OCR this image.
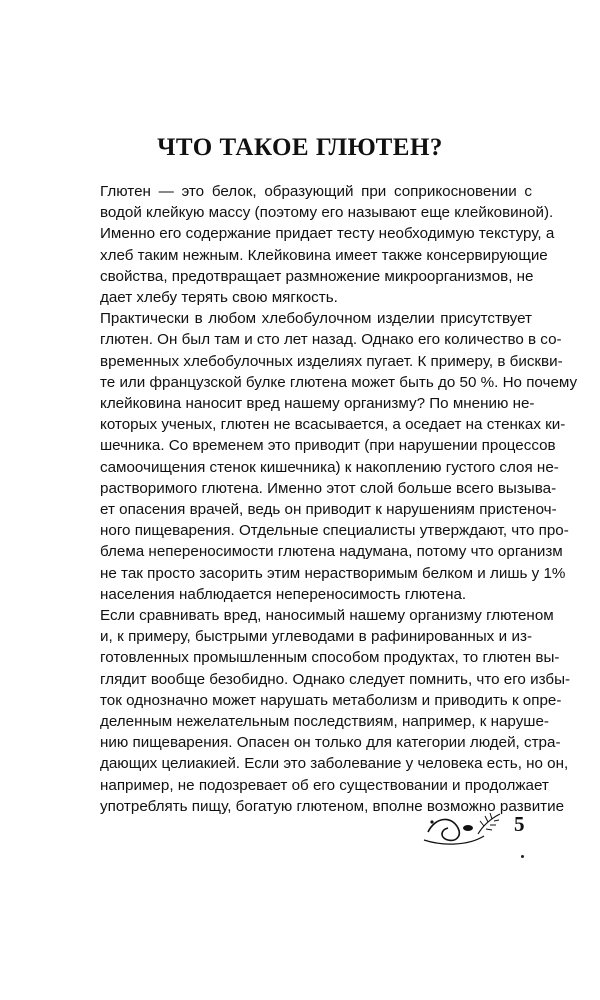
ЧТО ТАКОЕ ГЛЮТЕН?

Глютен — это белок, образующий при соприкосновении с
водой клейкую массу (поэтому его называют еще клейковиной).
Именно его содержание придает тесту необходимую текстуру, а
хлеб таким нежным. Клейковина имеет также консервирующие
свойства, предотвращает размножение микроорганизмов, не
дает хлебу терять свою мягкость.

Практически в любом хлебобулочном изделии присутствует
глютен. Он был там и сто лет назад. Однако его количество в со-
временных хлебобулочных изделиях пугает. К примеру, в бискви-
те или французской булке глютена может быть до 50 %. Но почему
клейковина наносит вред нашему организму? По мнению не-
которых ученых, глютен не всасывается, а оседает на стенках ки-
шечника. Со временем это приводит (при нарушении процессов
самоочищения стенок кишечника) к накоплению густого слоя не-
растворимого глютена. Именно этот слой больше всего вызыва-
ет опасения врачей, ведь он приводит к нарушениям пристеноч-
ного пищеварения. Отдельные специалисты утверждают, что про-
блема непереносимости глютена надумана, потому что организм
не так просто засорить этим нерастворимым белком и лишь у 1%
населения наблюдается непереносимость глютена.

Если сравнивать вред, наносимый нашему организму глютеном
и, к примеру, быстрыми углеводами в рафинированных и из-
готовленных промышленным способом продуктах, то глютен вы-
глядит вообще безобидно. Однако следует помнить, что его избы-
ток однозначно может нарушать метаболизм и приводить к опре-
деленным нежелательным последствиям, например, к наруше-
нию пищеварения. Опасен он только для категории людей, стра-
дающих целиакией. Если это заболевание у человека есть, но он,
например, не подозревает об его существовании и продолжает
употреблять пищу, богатую глютеном, вполне возможно развитие

5
